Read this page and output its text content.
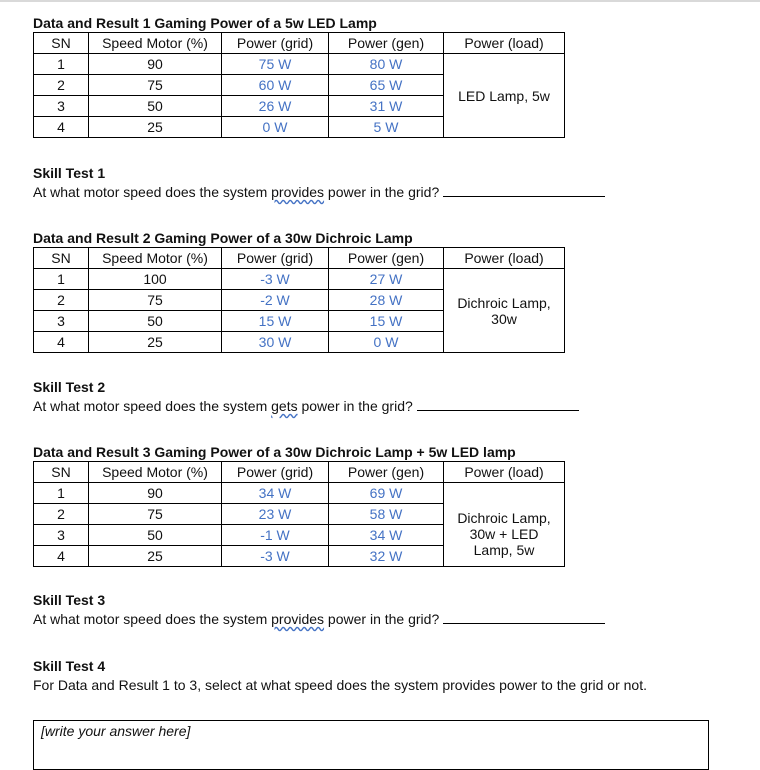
Data and Result 1 Gaming Power of a 5w LED Lamp
SN	Speed Motor (%)	Power (grid)	Power (gen)	Power (load)
1	90	75 W	80 W	LED Lamp, 5w

2	75	60 W	65 W	
3	50	26 W	31 W	
4	25	0 W	5 W	
Skill Test 1
At what motor speed does the system provides power in the grid?
Data and Result 2 Gaming Power of a 30w Dichroic Lamp
SN	Speed Motor (%)	Power (grid)	Power (gen)	Power (load)
1	100	-3 W	27 W	Dichroic Lamp,
30w

2	75	-2 W	28 W	
3	50	15 W	15 W	
4	25	30 W	0 W	
Skill Test 2
At what motor speed does the system gets power in the grid?
Data and Result 3 Gaming Power of a 30w Dichroic Lamp + 5w LED lamp
SN	Speed Motor (%)	Power (grid)	Power (gen)	Power (load)
1	90	34 W	69 W	Dichroic Lamp,
30w + LED
Lamp, 5w

2	75	23 W	58 W	
3	50	-1 W	34 W	
4	25	-3 W	32 W	
Skill Test 3
At what motor speed does the system provides power in the grid?
Skill Test 4
For Data and Result 1 to 3, select at what speed does the system provides power to the grid or not.
[write your answer here]
